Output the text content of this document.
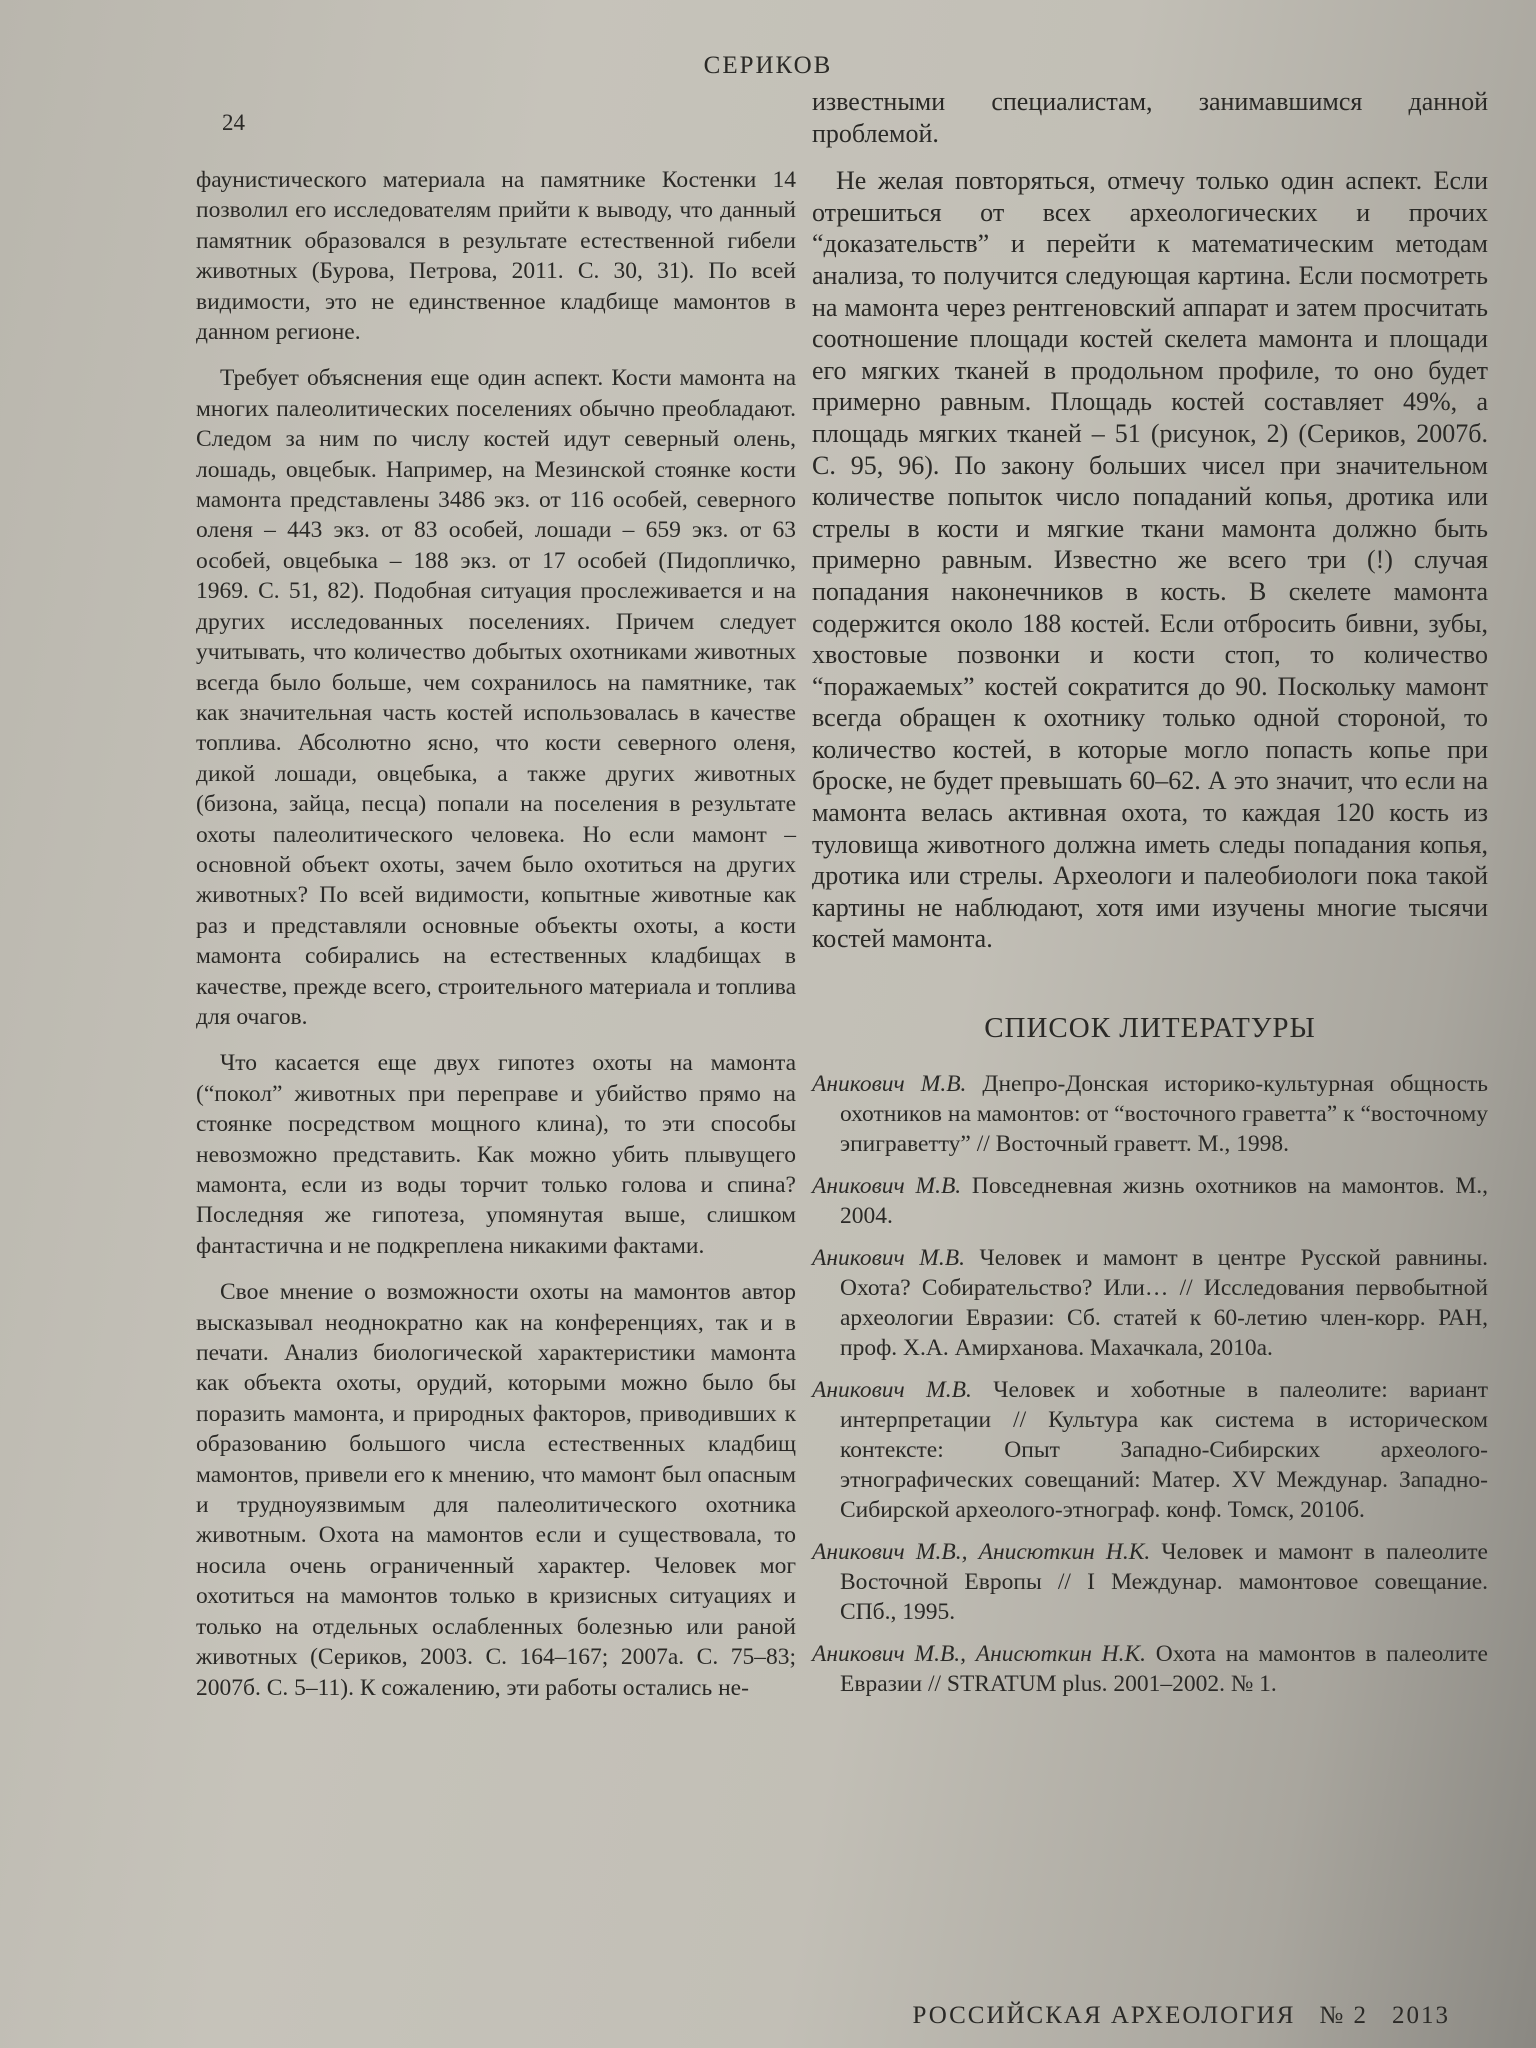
СЕРИКОВ
24

фаунистического материала на памятнике Костенки 14 позволил его исследователям прийти к выводу, что данный памятник образовался в результате естественной гибели животных (Бурова, Петрова, 2011. С. 30, 31). По всей видимости, это не единственное кладбище мамонтов в данном регионе.

Требует объяснения еще один аспект. Кости мамонта на многих палеолитических поселениях обычно преобладают. Следом за ним по числу костей идут северный олень, лошадь, овцебык. Например, на Мезинской стоянке кости мамонта представлены 3486 экз. от 116 особей, северного оленя – 443 экз. от 83 особей, лошади – 659 экз. от 63 особей, овцебыка – 188 экз. от 17 особей (Пидопличко, 1969. С. 51, 82). Подобная ситуация прослеживается и на других исследованных поселениях. Причем следует учитывать, что количество добытых охотниками животных всегда было больше, чем сохранилось на памятнике, так как значительная часть костей использовалась в качестве топлива. Абсолютно ясно, что кости северного оленя, дикой лошади, овцебыка, а также других животных (бизона, зайца, песца) попали на поселения в результате охоты палеолитического человека. Но если мамонт – основной объект охоты, зачем было охотиться на других животных? По всей видимости, копытные животные как раз и представляли основные объекты охоты, а кости мамонта собирались на естественных кладбищах в качестве, прежде всего, строительного материала и топлива для очагов.

Что касается еще двух гипотез охоты на мамонта (“покол” животных при переправе и убийство прямо на стоянке посредством мощного клина), то эти способы невозможно представить. Как можно убить плывущего мамонта, если из воды торчит только голова и спина? Последняя же гипотеза, упомянутая выше, слишком фантастична и не подкреплена никакими фактами.

Свое мнение о возможности охоты на мамонтов автор высказывал неоднократно как на конференциях, так и в печати. Анализ биологической характеристики мамонта как объекта охоты, орудий, которыми можно было бы поразить мамонта, и природных факторов, приводивших к образованию большого числа естественных кладбищ мамонтов, привели его к мнению, что мамонт был опасным и трудноуязвимым для палеолитического охотника животным. Охота на мамонтов если и существовала, то носила очень ограниченный характер. Человек мог охотиться на мамонтов только в кризисных ситуациях и только на отдельных ослабленных болезнью или раной животных (Сериков, 2003. С. 164–167; 2007а. С. 75–83; 2007б. С. 5–11). К сожалению, эти работы остались не-

известными специалистам, занимавшимся данной проблемой.

Не желая повторяться, отмечу только один аспект. Если отрешиться от всех археологических и прочих “доказательств” и перейти к математическим методам анализа, то получится следующая картина. Если посмотреть на мамонта через рентгеновский аппарат и затем просчитать соотношение площади костей скелета мамонта и площади его мягких тканей в продольном профиле, то оно будет примерно равным. Площадь костей составляет 49%, а площадь мягких тканей – 51 (рисунок, 2) (Сериков, 2007б. С. 95, 96). По закону больших чисел при значительном количестве попыток число попаданий копья, дротика или стрелы в кости и мягкие ткани мамонта должно быть примерно равным. Известно же всего три (!) случая попадания наконечников в кость. В скелете мамонта содержится около 188 костей. Если отбросить бивни, зубы, хвостовые позвонки и кости стоп, то количество “поражаемых” костей сократится до 90. Поскольку мамонт всегда обращен к охотнику только одной стороной, то количество костей, в которые могло попасть копье при броске, не будет превышать 60–62. А это значит, что если на мамонта велась активная охота, то каждая 120 кость из туловища животного должна иметь следы попадания копья, дротика или стрелы. Археологи и палеобиологи пока такой картины не наблюдают, хотя ими изучены многие тысячи костей мамонта.

СПИСОК ЛИТЕРАТУРЫ
Аникович М.В. Днепро-Донская историко-культурная общность охотников на мамонтов: от “восточного граветта” к “восточному эпиграветту” // Восточный граветт. М., 1998.
Аникович М.В. Повседневная жизнь охотников на мамонтов. М., 2004.
Аникович М.В. Человек и мамонт в центре Русской равнины. Охота? Собирательство? Или… // Исследования первобытной археологии Евразии: Сб. статей к 60-летию член-корр. РАН, проф. Х.А. Амирханова. Махачкала, 2010а.
Аникович М.В. Человек и хоботные в палеолите: вариант интерпретации // Культура как система в историческом контексте: Опыт Западно-Сибирских археолого-этнографических совещаний: Матер. XV Междунар. Западно-Сибирской археолого-этнограф. конф. Томск, 2010б.
Аникович М.В., Анисюткин Н.К. Человек и мамонт в палеолите Восточной Европы // I Междунар. мамонтовое совещание. СПб., 1995.
Аникович М.В., Анисюткин Н.К. Охота на мамонтов в палеолите Евразии // STRATUM plus. 2001–2002. № 1.
РОССИЙСКАЯ АРХЕОЛОГИЯ № 2 2013
